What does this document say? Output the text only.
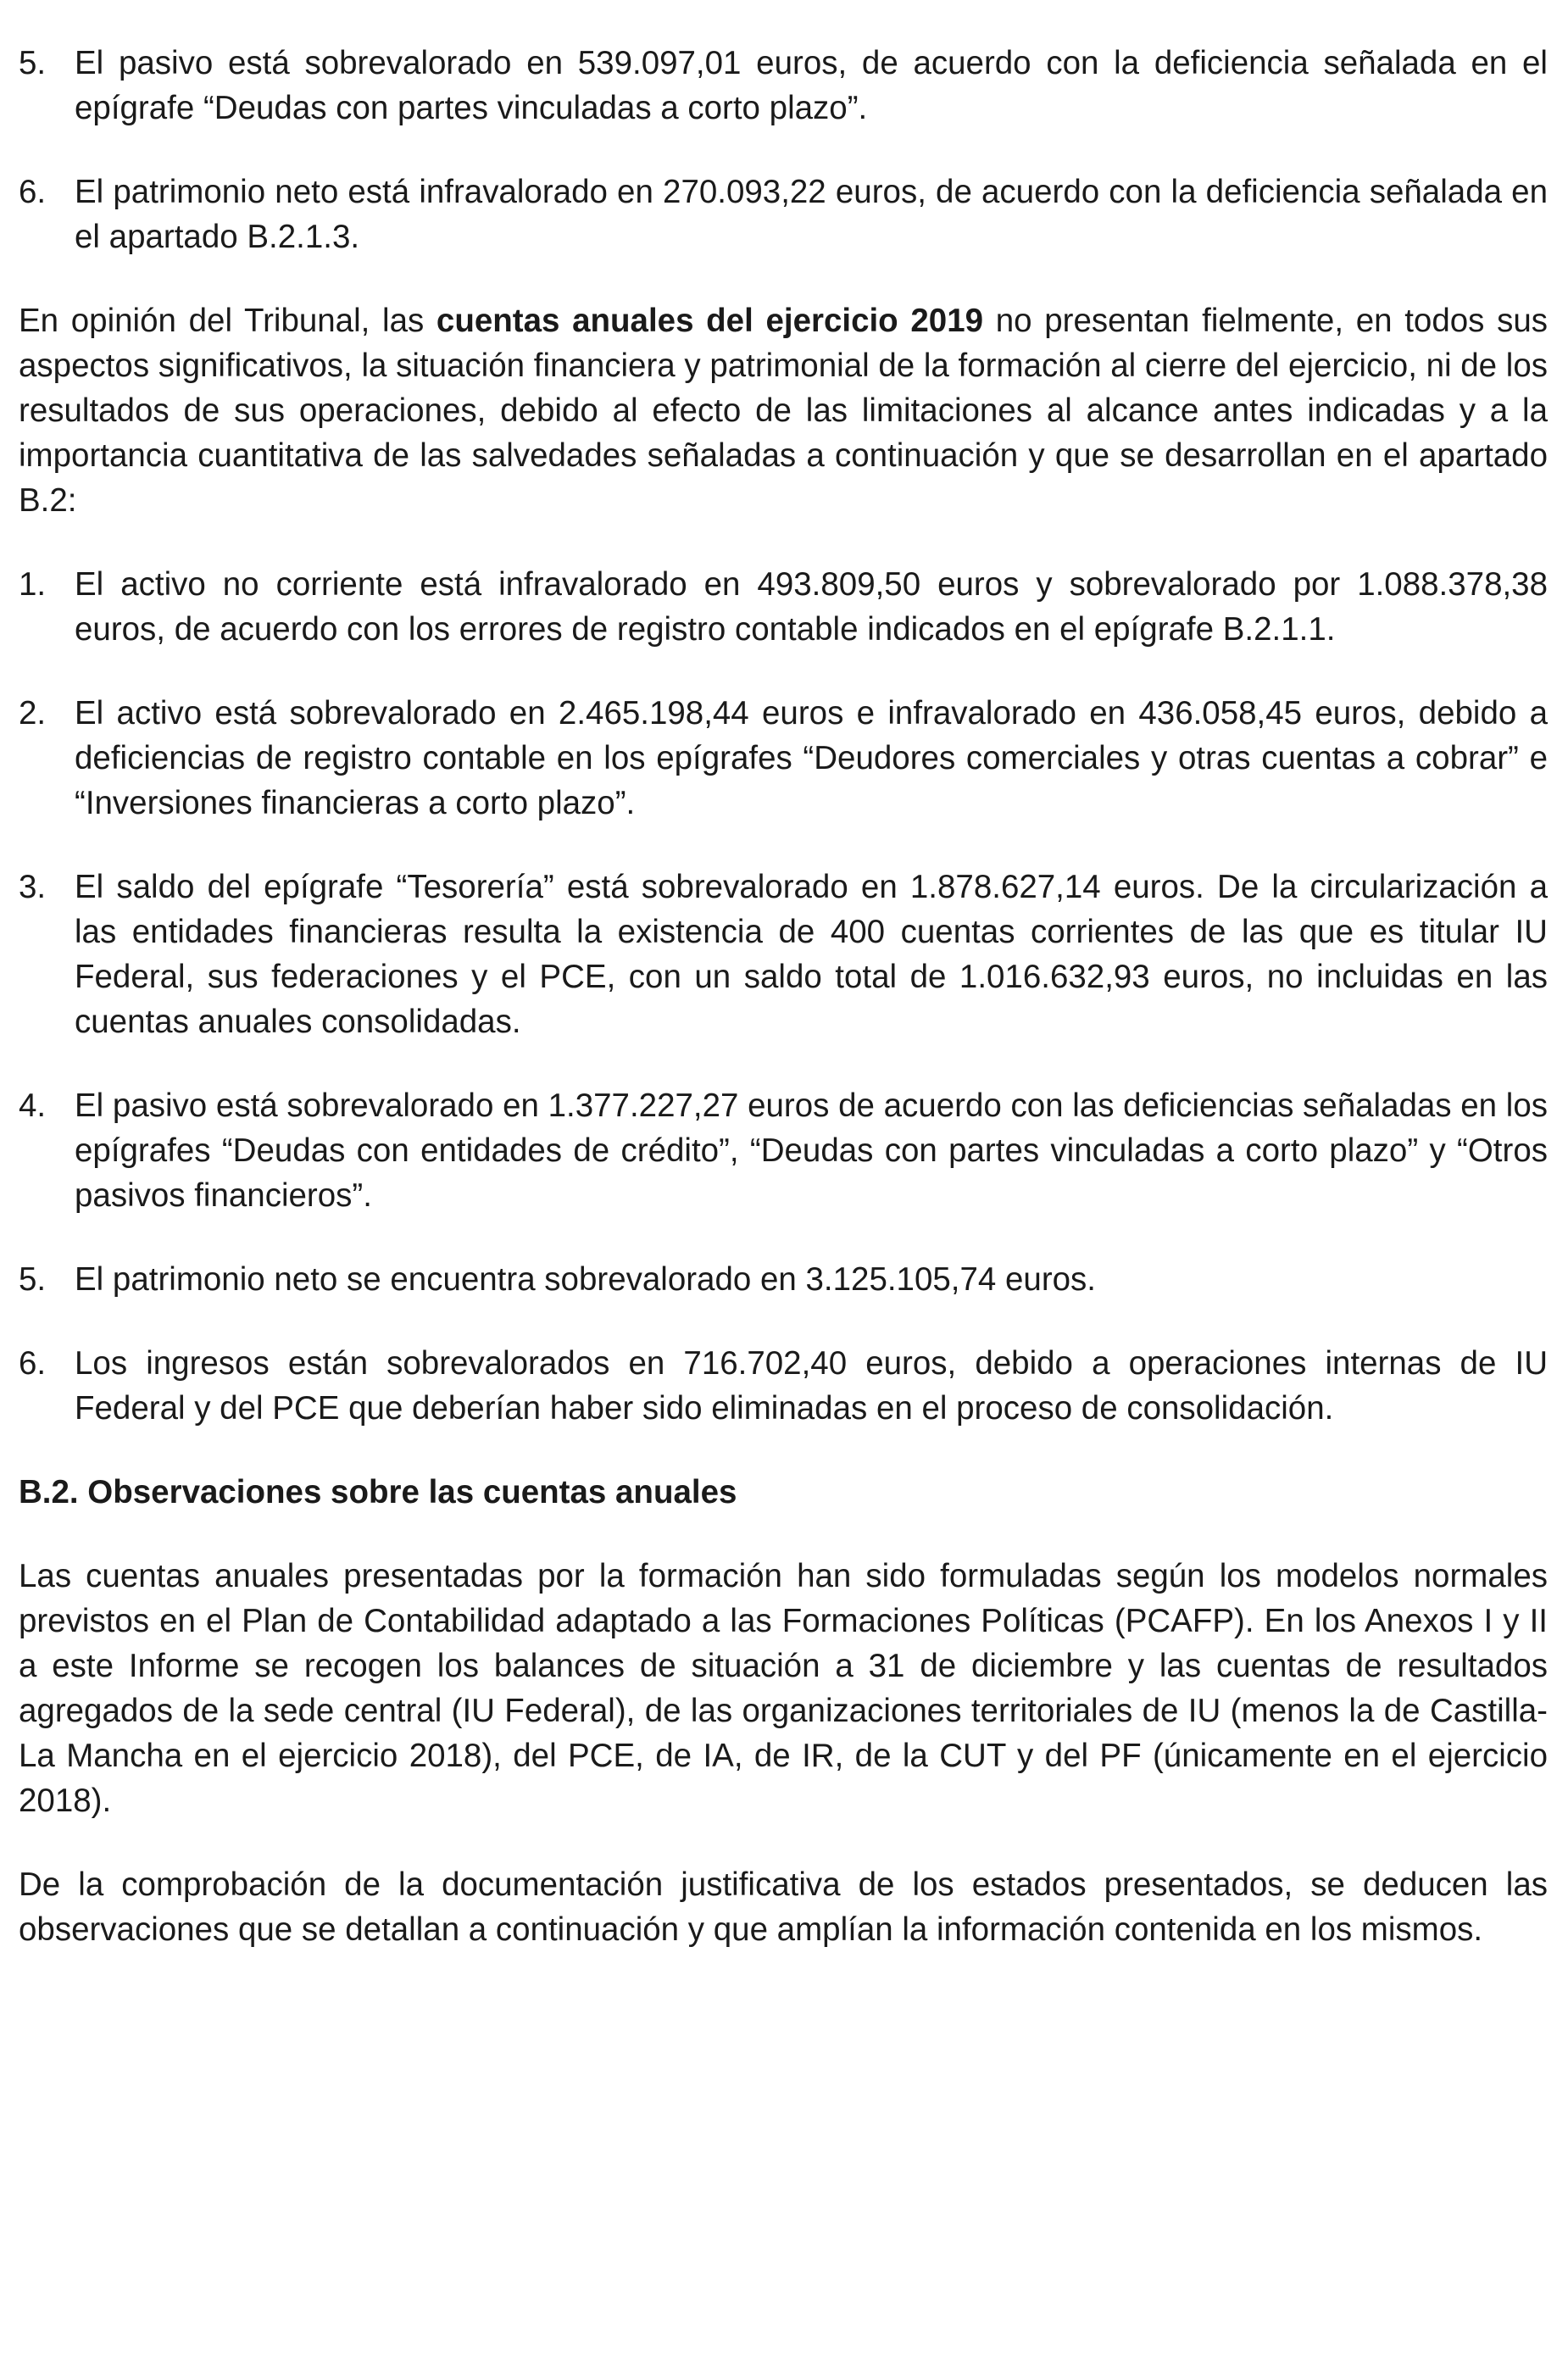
5. El pasivo está sobrevalorado en 539.097,01 euros, de acuerdo con la deficiencia señalada en el epígrafe “Deudas con partes vinculadas a corto plazo”.
6. El patrimonio neto está infravalorado en 270.093,22 euros, de acuerdo con la deficiencia señalada en el apartado B.2.1.3.

En opinión del Tribunal, las cuentas anuales del ejercicio 2019 no presentan fielmente, en todos sus aspectos significativos, la situación financiera y patrimonial de la formación al cierre del ejercicio, ni de los resultados de sus operaciones, debido al efecto de las limitaciones al alcance antes indicadas y a la importancia cuantitativa de las salvedades señaladas a continuación y que se desarrollan en el apartado B.2:

1. El activo no corriente está infravalorado en 493.809,50 euros y sobrevalorado por 1.088.378,38 euros, de acuerdo con los errores de registro contable indicados en el epígrafe B.2.1.1.
2. El activo está sobrevalorado en 2.465.198,44 euros e infravalorado en 436.058,45 euros, debido a deficiencias de registro contable en los epígrafes “Deudores comerciales y otras cuentas a cobrar” e “Inversiones financieras a corto plazo”.
3. El saldo del epígrafe “Tesorería” está sobrevalorado en 1.878.627,14 euros. De la circularización a las entidades financieras resulta la existencia de 400 cuentas corrientes de las que es titular IU Federal, sus federaciones y el PCE, con un saldo total de 1.016.632,93 euros, no incluidas en las cuentas anuales consolidadas.
4. El pasivo está sobrevalorado en 1.377.227,27 euros de acuerdo con las deficiencias señaladas en los epígrafes “Deudas con entidades de crédito”, “Deudas con partes vinculadas a corto plazo” y “Otros pasivos financieros”.
5. El patrimonio neto se encuentra sobrevalorado en 3.125.105,74 euros.
6. Los ingresos están sobrevalorados en 716.702,40 euros, debido a operaciones internas de IU Federal y del PCE que deberían haber sido eliminadas en el proceso de consolidación.
B.2. Observaciones sobre las cuentas anuales

Las cuentas anuales presentadas por la formación han sido formuladas según los modelos normales previstos en el Plan de Contabilidad adaptado a las Formaciones Políticas (PCAFP). En los Anexos I y II a este Informe se recogen los balances de situación a 31 de diciembre y las cuentas de resultados agregados de la sede central (IU Federal), de las organizaciones territoriales de IU (menos la de Castilla-La Mancha en el ejercicio 2018), del PCE, de IA, de IR, de la CUT y del PF (únicamente en el ejercicio 2018).

De la comprobación de la documentación justificativa de los estados presentados, se deducen las observaciones que se detallan a continuación y que amplían la información contenida en los mismos.
